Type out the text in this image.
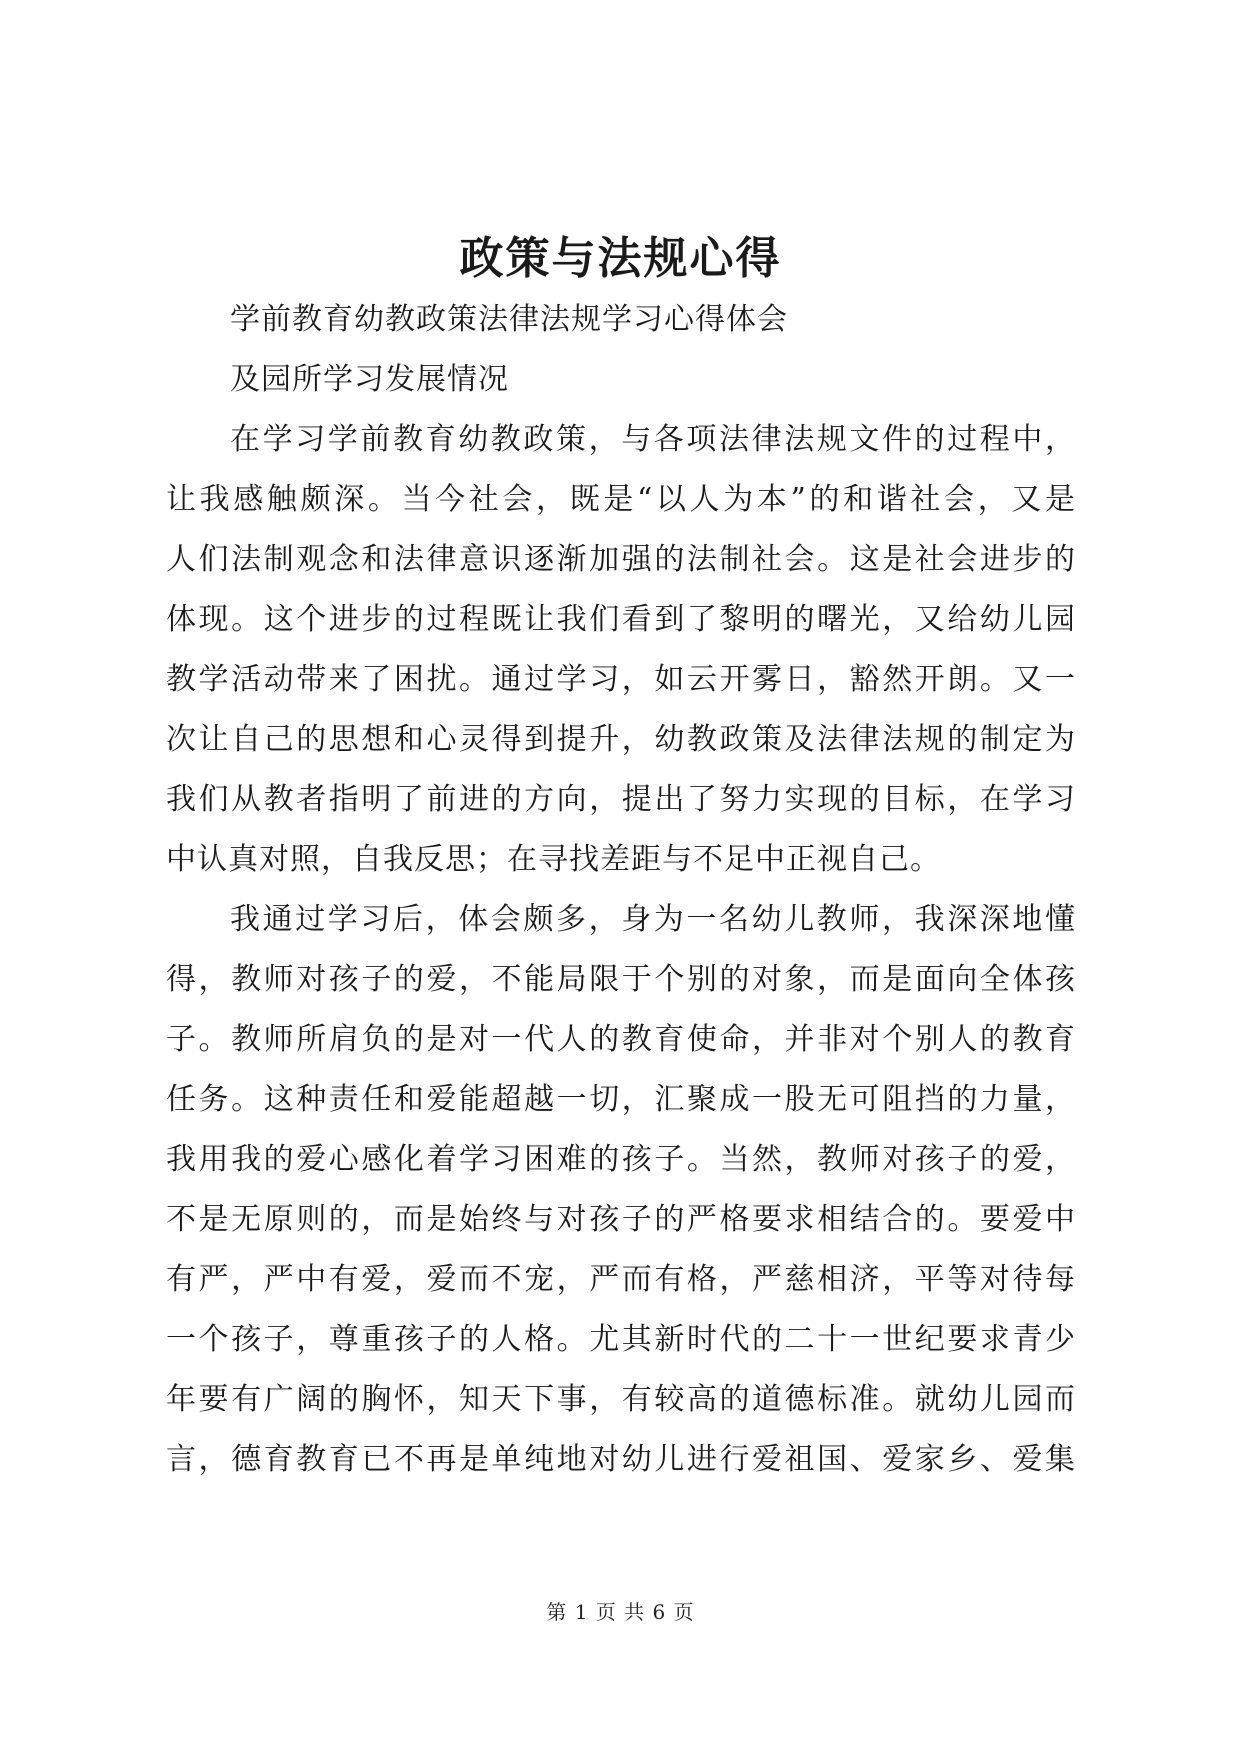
政策与法规心得

学前教育幼教政策法律法规学习心得体会

及园所学习发展情况

在学习学前教育幼教政策，与各项法律法规文件的过程中，

让我感触颇深。当今社会，既是“以人为本”的和谐社会，又是

人们法制观念和法律意识逐渐加强的法制社会。这是社会进步的

体现。这个进步的过程既让我们看到了黎明的曙光，又给幼儿园

教学活动带来了困扰。通过学习，如云开雾日，豁然开朗。又一

次让自己的思想和心灵得到提升，幼教政策及法律法规的制定为

我们从教者指明了前进的方向，提出了努力实现的目标，在学习

中认真对照，自我反思；在寻找差距与不足中正视自己。

我通过学习后，体会颇多，身为一名幼儿教师，我深深地懂

得，教师对孩子的爱，不能局限于个别的对象，而是面向全体孩

子。教师所肩负的是对一代人的教育使命，并非对个别人的教育

任务。这种责任和爱能超越一切，汇聚成一股无可阻挡的力量，

我用我的爱心感化着学习困难的孩子。当然，教师对孩子的爱，

不是无原则的，而是始终与对孩子的严格要求相结合的。要爱中

有严，严中有爱，爱而不宠，严而有格，严慈相济，平等对待每

一个孩子，尊重孩子的人格。尤其新时代的二十一世纪要求青少

年要有广阔的胸怀，知天下事，有较高的道德标准。就幼儿园而

言，德育教育已不再是单纯地对幼儿进行爱祖国、爱家乡、爱集

第 1 页 共 6 页
